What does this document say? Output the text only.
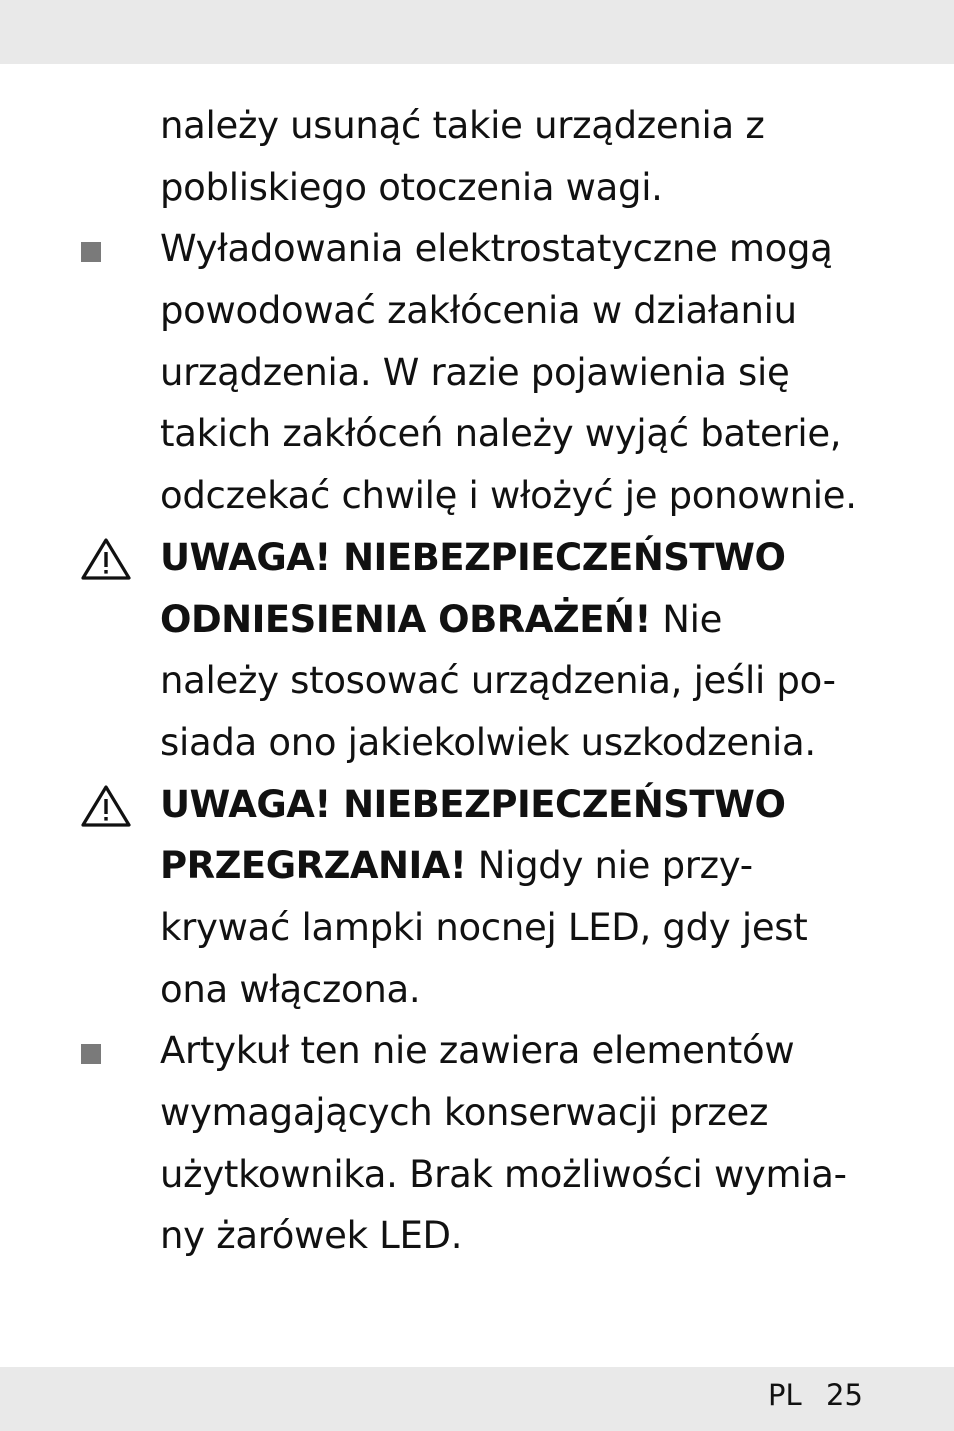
należy usunąć takie urządzenia z
pobliskiego otoczenia wagi.
Wyładowania elektrostatyczne mogą
powodować zakłócenia w działaniu
urządzenia. W razie pojawienia się
takich zakłóceń należy wyjąć baterie,
odczekać chwilę i włożyć je ponownie.
UWAGA! NIEBEZPIECZEŃSTWO
ODNIESIENIA OBRAŻEŃ! Nie
należy stosować urządzenia, jeśli po-
siada ono jakiekolwiek uszkodzenia.
UWAGA! NIEBEZPIECZEŃSTWO
PRZEGRZANIA! Nigdy nie przy-
krywać lampki nocnej LED, gdy jest
ona włączona.
Artykuł ten nie zawiera elementów
wymagających konserwacji przez
użytkownika. Brak możliwości wymia-
ny żarówek LED.
PL 25
